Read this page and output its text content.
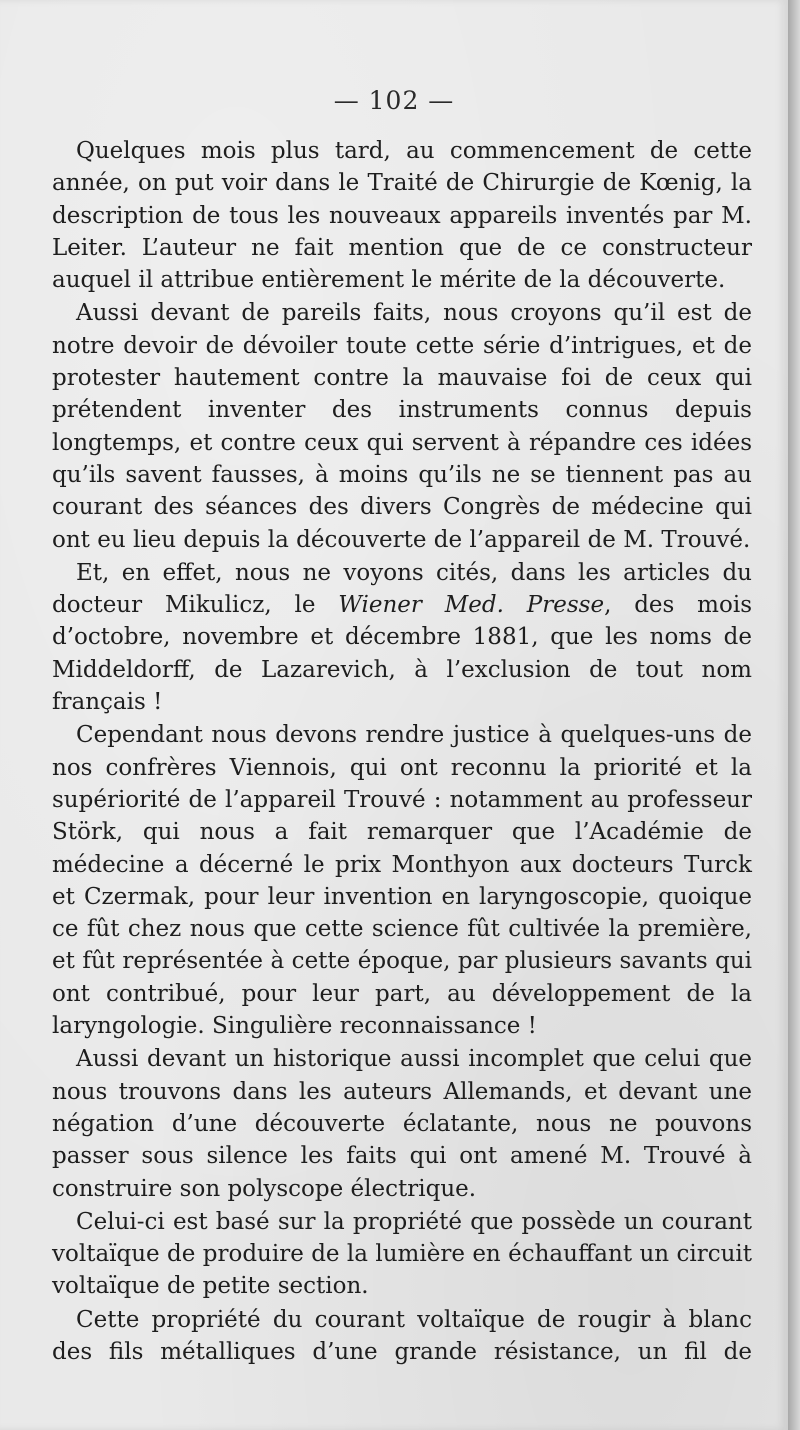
— 102 —

Quelques mois plus tard, au commencement de cette année, on put voir dans le Traité de Chirurgie de Kœnig, la description de tous les nouveaux appareils inventés par M. Leiter. L’auteur ne fait mention que de ce constructeur auquel il attribue entièrement le mérite de la découverte.

Aussi devant de pareils faits, nous croyons qu’il est de notre devoir de dévoiler toute cette série d’intrigues, et de protester hautement contre la mauvaise foi de ceux qui prétendent inventer des instruments connus depuis longtemps, et contre ceux qui servent à répandre ces idées qu’ils savent fausses, à moins qu’ils ne se tiennent pas au courant des séances des divers Congrès de médecine qui ont eu lieu depuis la découverte de l’appareil de M. Trouvé.

Et, en effet, nous ne voyons cités, dans les articles du docteur Mikulicz, le Wiener Med. Presse, des mois d’octobre, novembre et décembre 1881, que les noms de Middeldorff, de Lazarevich, à l’exclusion de tout nom français !

Cependant nous devons rendre justice à quelques-uns de nos confrères Viennois, qui ont reconnu la priorité et la supériorité de l’appareil Trouvé : notamment au professeur Störk, qui nous a fait remarquer que l’Académie de médecine a décerné le prix Monthyon aux docteurs Turck et Czermak, pour leur invention en laryngoscopie, quoique ce fût chez nous que cette science fût cultivée la première, et fût représentée à cette époque, par plusieurs savants qui ont contribué, pour leur part, au développement de la laryngologie. Singulière reconnaissance !

Aussi devant un historique aussi incomplet que celui que nous trouvons dans les auteurs Allemands, et devant une négation d’une découverte éclatante, nous ne pouvons passer sous silence les faits qui ont amené M. Trouvé à construire son polyscope électrique.

Celui-ci est basé sur la propriété que possède un courant voltaïque de produire de la lumière en échauffant un circuit voltaïque de petite section.

Cette propriété du courant voltaïque de rougir à blanc des fils métalliques d’une grande résistance, un fil de
